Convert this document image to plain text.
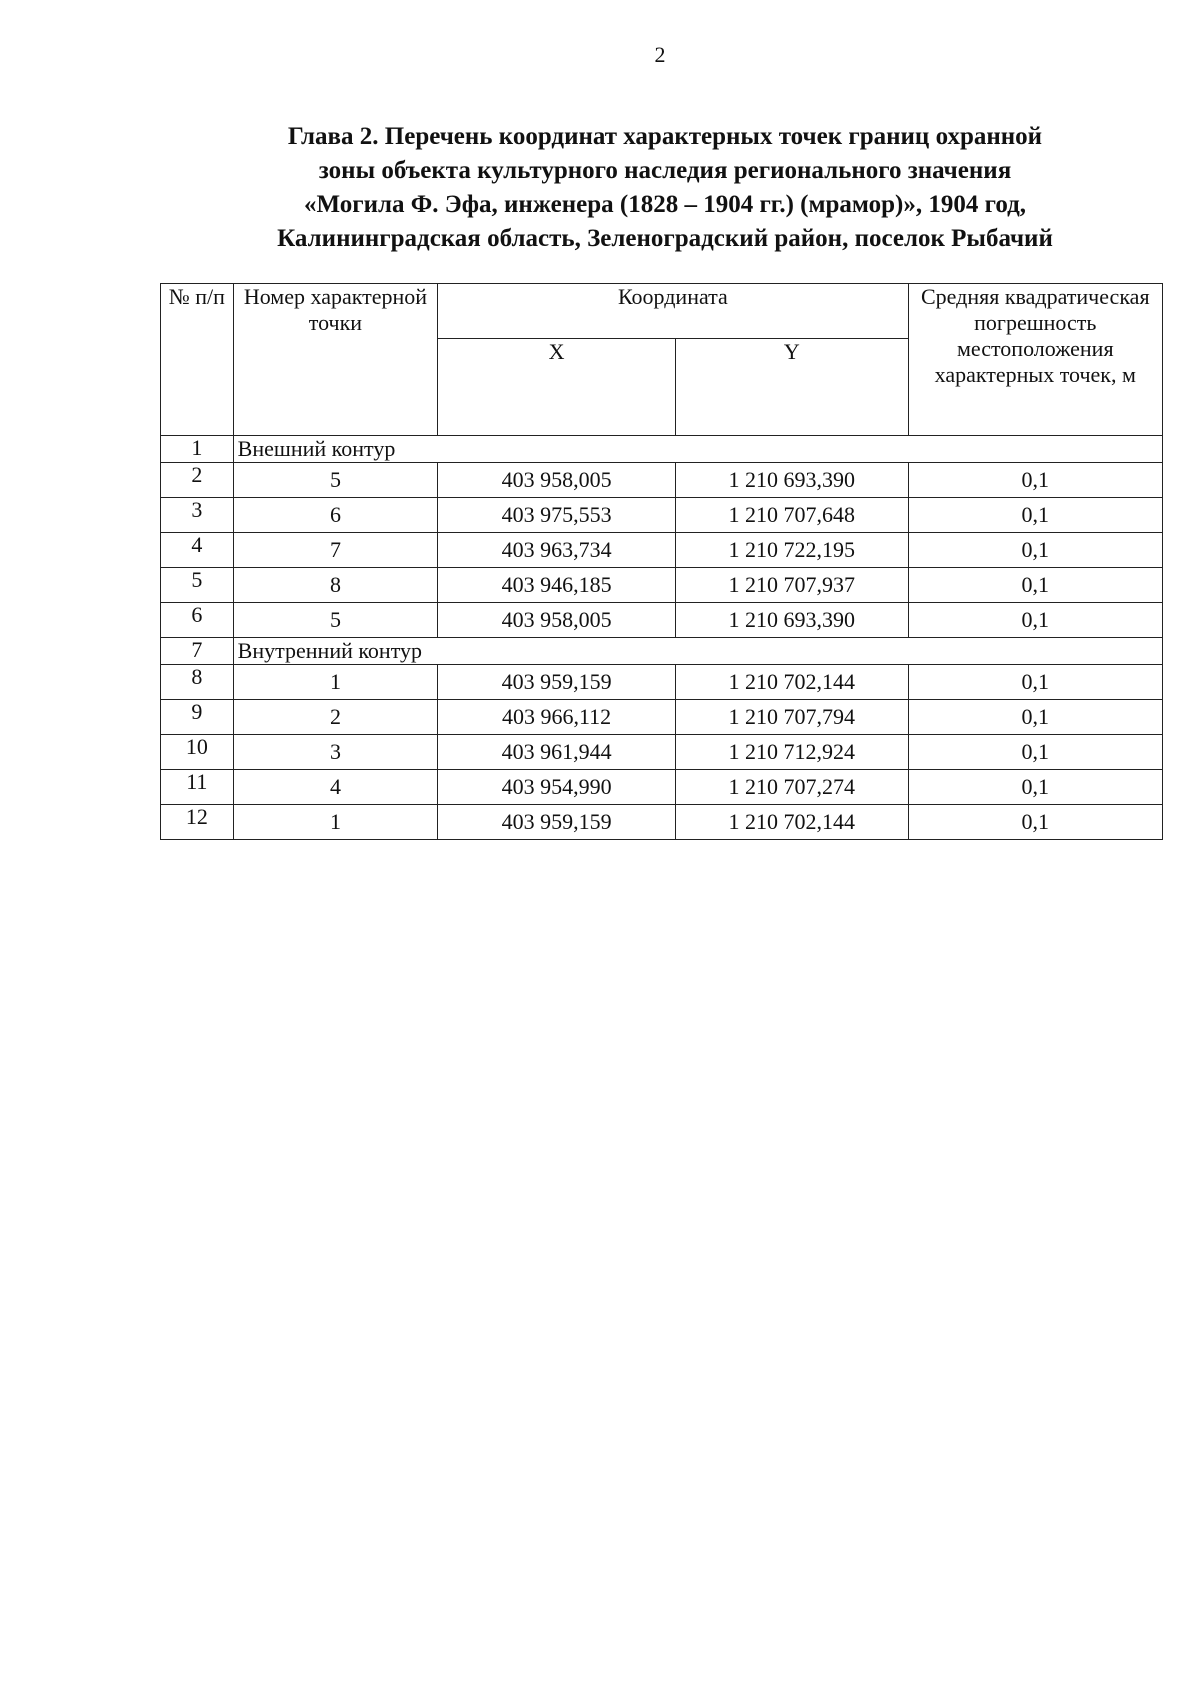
2
Глава 2. Перечень координат характерных точек границ охранной
зоны объекта культурного наследия регионального значения
«Могила Ф. Эфа, инженера (1828 – 1904 гг.) (мрамор)», 1904 год,
Калининградская область, Зеленоградский район, поселок Рыбачий
№ п/п	Номер характерной точки	Координата		Средняя квадратическая погрешность местоположения характерных точек, м
		X	Y	
1	Внешний контур			
2	5	403 958,005	1 210 693,390	0,1
3	6	403 975,553	1 210 707,648	0,1
4	7	403 963,734	1 210 722,195	0,1
5	8	403 946,185	1 210 707,937	0,1
6	5	403 958,005	1 210 693,390	0,1
7	Внутренний контур			
8	1	403 959,159	1 210 702,144	0,1
9	2	403 966,112	1 210 707,794	0,1
10	3	403 961,944	1 210 712,924	0,1
11	4	403 954,990	1 210 707,274	0,1
12	1	403 959,159	1 210 702,144	0,1
